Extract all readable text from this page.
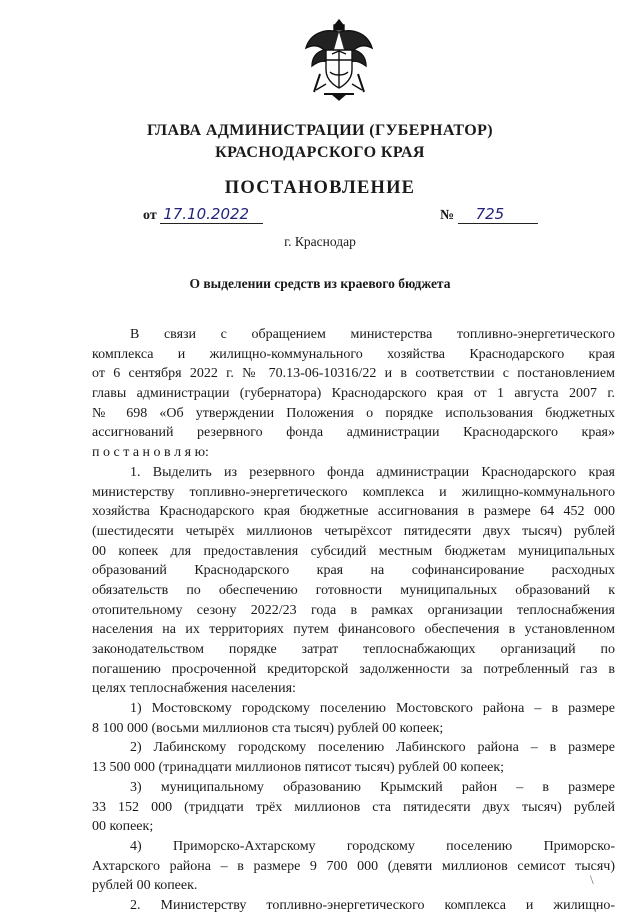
ГЛАВА АДМИНИСТРАЦИИ (ГУБЕРНАТОР)
КРАСНОДАРСКОГО КРАЯ
ПОСТАНОВЛЕНИЕ
от 17.10.2022	№ 725
г. Краснодар
О выделении средств из краевого бюджета
В связи с обращением министерства топливно-энергетического
комплекса и жилищно-коммунального хозяйства Краснодарского края
от 6 сентября 2022 г. № 70.13-06-10316/22 и в соответствии с постановлением
главы администрации (губернатора) Краснодарского края от 1 августа 2007 г.
№ 698 «Об утверждении Положения о порядке использования бюджетных
ассигнований резервного фонда администрации Краснодарского края»
п о с т а н о в л я ю:
1. Выделить из резервного фонда администрации Краснодарского края
министерству топливно-энергетического комплекса и жилищно-коммунального
хозяйства Краснодарского края бюджетные ассигнования в размере 64 452 000
(шестидесяти четырёх миллионов четырёхсот пятидесяти двух тысяч) рублей
00 копеек для предоставления субсидий местным бюджетам муниципальных
образований Краснодарского края на софинансирование расходных
обязательств по обеспечению готовности муниципальных образований к
отопительному сезону 2022/23 года в рамках организации теплоснабжения
населения на их территориях путем финансового обеспечения в установленном
законодательством порядке затрат теплоснабжающих организаций по
погашению просроченной кредиторской задолженности за потребленный газ в
целях теплоснабжения населения:
1) Мостовскому городскому поселению Мостовского района – в размере
8 100 000 (восьми миллионов ста тысяч) рублей 00 копеек;
2) Лабинскому городскому поселению Лабинского района – в размере
13 500 000 (тринадцати миллионов пятисот тысяч) рублей 00 копеек;
3) муниципальному образованию Крымский район – в размере
33 152 000 (тридцати трёх миллионов ста пятидесяти двух тысяч) рублей
00 копеек;
4) Приморско-Ахтарскому городскому поселению Приморско-
Ахтарского района – в размере 9 700 000 (девяти миллионов семисот тысяч)
рублей 00 копеек.
2. Министерству топливно-энергетического комплекса и жилищно-
\
